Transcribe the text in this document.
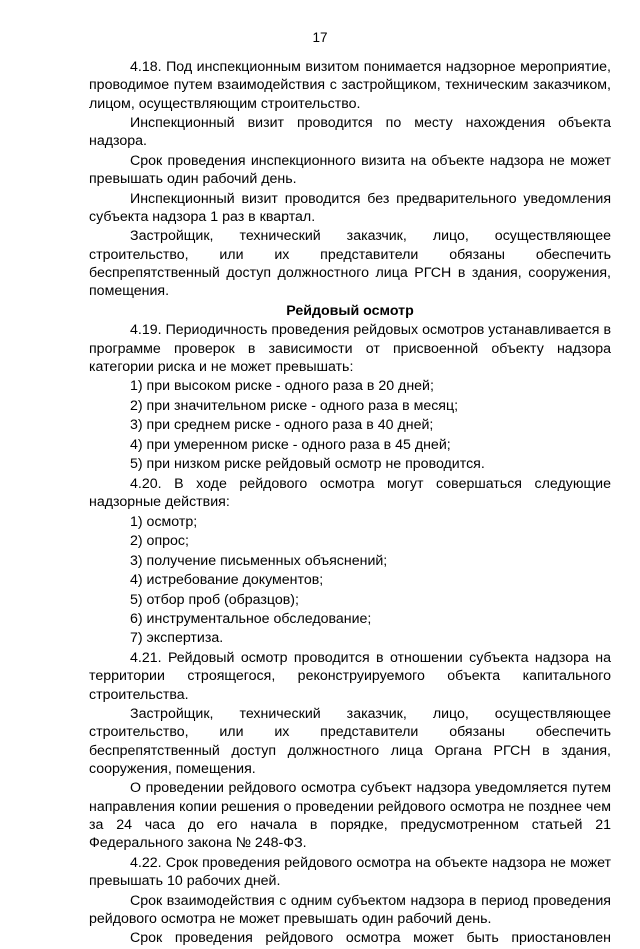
17

4.18. Под инспекционным визитом понимается надзорное мероприятие, проводимое путем взаимодействия с застройщиком, техническим заказчиком, лицом, осуществляющим строительство.

Инспекционный визит проводится по месту нахождения объекта надзора.

Срок проведения инспекционного визита на объекте надзора не может превышать один рабочий день.

Инспекционный визит проводится без предварительного уведомления субъекта надзора 1 раз в квартал.

Застройщик, технический заказчик, лицо, осуществляющее строительство, или их представители обязаны обеспечить беспрепятственный доступ должностного лица РГСН в здания, сооружения, помещения.

Рейдовый осмотр

4.19. Периодичность проведения рейдовых осмотров устанавливается в программе проверок в зависимости от присвоенной объекту надзора категории риска и не может превышать:

1) при высоком риске - одного раза в 20 дней;

2) при значительном риске - одного раза в месяц;

3) при среднем риске - одного раза в 40 дней;

4) при умеренном риске - одного раза в 45 дней;

5) при низком риске рейдовый осмотр не проводится.

4.20. В ходе рейдового осмотра могут совершаться следующие надзорные действия:

1) осмотр;

2) опрос;

3) получение письменных объяснений;

4) истребование документов;

5) отбор проб (образцов);

6) инструментальное обследование;

7) экспертиза.

4.21. Рейдовый осмотр проводится в отношении субъекта надзора на территории строящегося, реконструируемого объекта капитального строительства.

Застройщик, технический заказчик, лицо, осуществляющее строительство, или их представители обязаны обеспечить беспрепятственный доступ должностного лица Органа РГСН в здания, сооружения, помещения.

О проведении рейдового осмотра субъект надзора уведомляется путем направления копии решения о проведении рейдового осмотра не позднее чем за 24 часа до его начала в порядке, предусмотренном статьей 21 Федерального закона № 248-ФЗ.

4.22. Срок проведения рейдового осмотра на объекте надзора не может превышать 10 рабочих дней.

Срок взаимодействия с одним субъектом надзора в период проведения рейдового осмотра не может превышать один рабочий день.

Срок проведения рейдового осмотра может быть приостановлен
